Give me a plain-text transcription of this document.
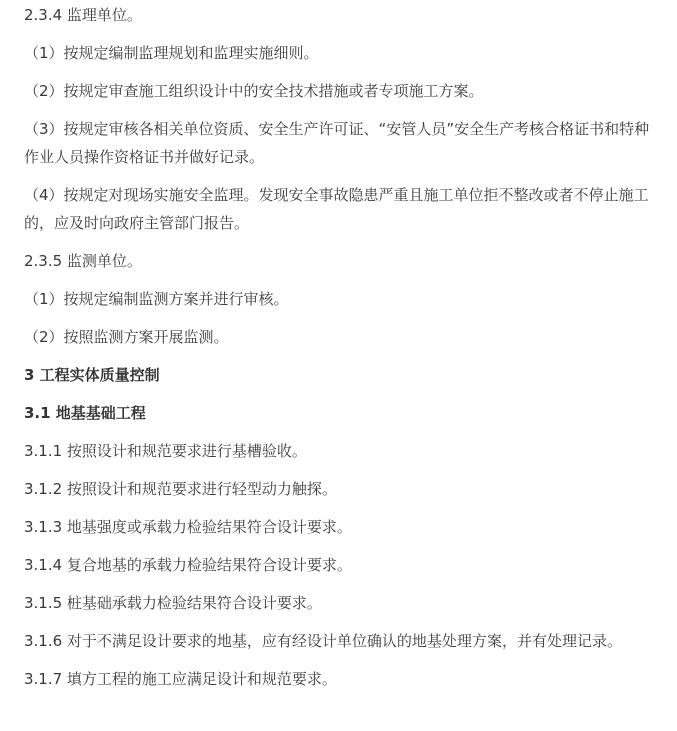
2.3.4 监理单位。

（1）按规定编制监理规划和监理实施细则。

（2）按规定审查施工组织设计中的安全技术措施或者专项施工方案。

（3）按规定审核各相关单位资质、安全生产许可证、“安管人员”安全生产考核合格证书和特种作业人员操作资格证书并做好记录。

（4）按规定对现场实施安全监理。发现安全事故隐患严重且施工单位拒不整改或者不停止施工的，应及时向政府主管部门报告。

2.3.5 监测单位。

（1）按规定编制监测方案并进行审核。

（2）按照监测方案开展监测。

3 工程实体质量控制

3.1 地基基础工程

3.1.1 按照设计和规范要求进行基槽验收。

3.1.2 按照设计和规范要求进行轻型动力触探。

3.1.3 地基强度或承载力检验结果符合设计要求。

3.1.4 复合地基的承载力检验结果符合设计要求。

3.1.5 桩基础承载力检验结果符合设计要求。

3.1.6 对于不满足设计要求的地基，应有经设计单位确认的地基处理方案，并有处理记录。

3.1.7 填方工程的施工应满足设计和规范要求。
